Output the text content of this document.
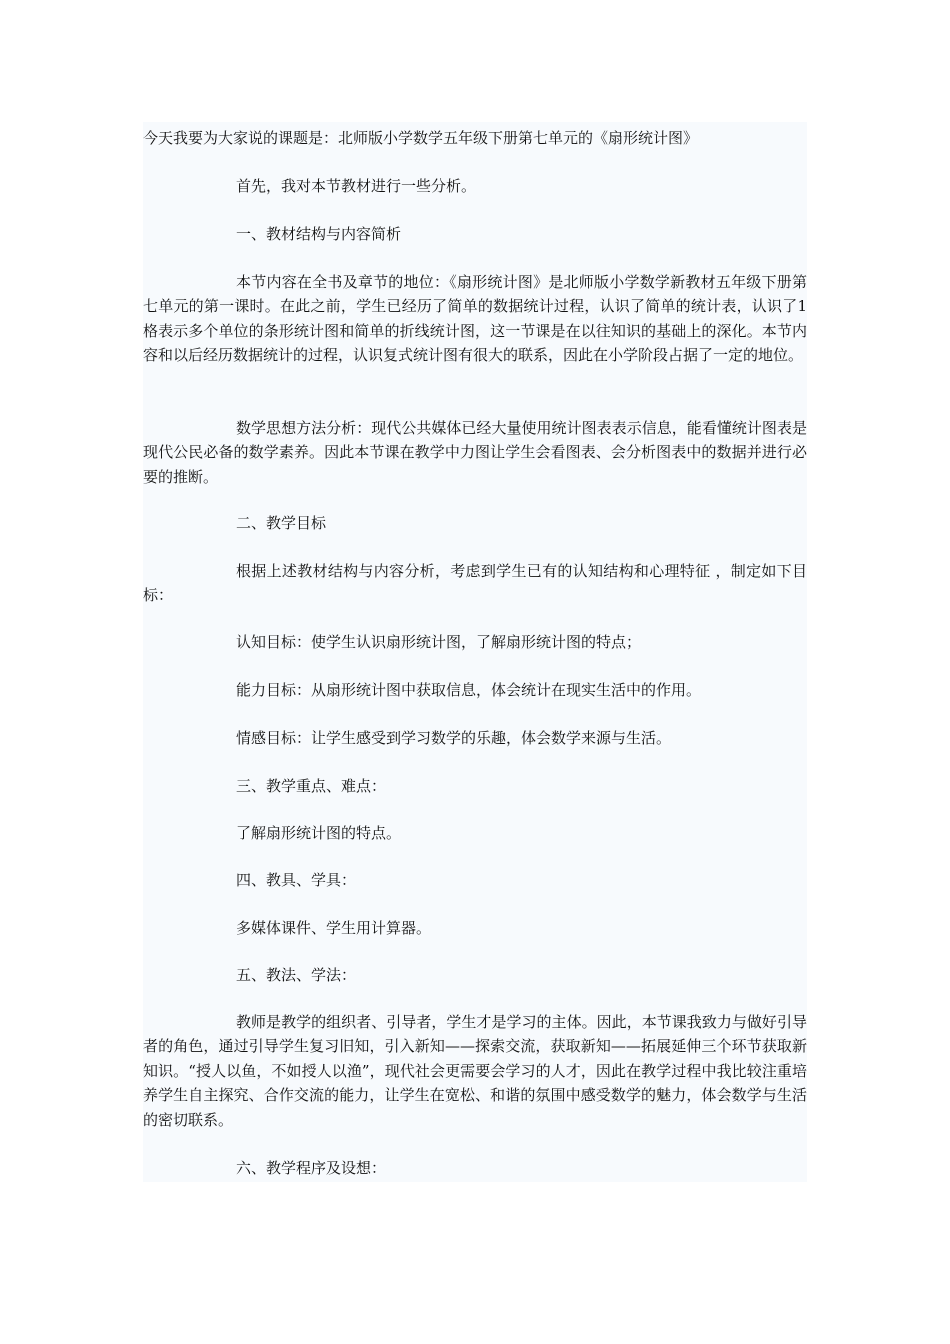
今天我要为大家说的课题是：北师版小学数学五年级下册第七单元的《扇形统计图》
首先，我对本节教材进行一些分析。
一、教材结构与内容简析

本节内容在全书及章节的地位：《扇形统计图》是北师版小学数学新教材五年级下册第七单元的第一课时。在此之前，学生已经历了简单的数据统计过程，认识了简单的统计表，认识了1格表示多个单位的条形统计图和简单的折线统计图，这一节课是在以往知识的基础上的深化。本节内容和以后经历数据统计的过程，认识复式统计图有很大的联系，因此在小学阶段占据了一定的地位。

数学思想方法分析：现代公共媒体已经大量使用统计图表表示信息，能看懂统计图表是现代公民必备的数学素养。因此本节课在教学中力图让学生会看图表、会分析图表中的数据并进行必要的推断。

二、教学目标

根据上述教材结构与内容分析，考虑到学生已有的认知结构和心理特征 ，制定如下目标：

认知目标：使学生认识扇形统计图，了解扇形统计图的特点；
能力目标：从扇形统计图中获取信息，体会统计在现实生活中的作用。
情感目标：让学生感受到学习数学的乐趣，体会数学来源与生活。
三、教学重点、难点：
了解扇形统计图的特点。
四、教具、学具：
多媒体课件、学生用计算器。
五、教法、学法：

教师是教学的组织者、引导者，学生才是学习的主体。因此，本节课我致力与做好引导者的角色，通过引导学生复习旧知，引入新知——探索交流，获取新知——拓展延伸三个环节获取新知识。“授人以鱼，不如授人以渔”，现代社会更需要会学习的人才，因此在教学过程中我比较注重培养学生自主探究、合作交流的能力，让学生在宽松、和谐的氛围中感受数学的魅力，体会数学与生活的密切联系。

六、教学程序及设想：
